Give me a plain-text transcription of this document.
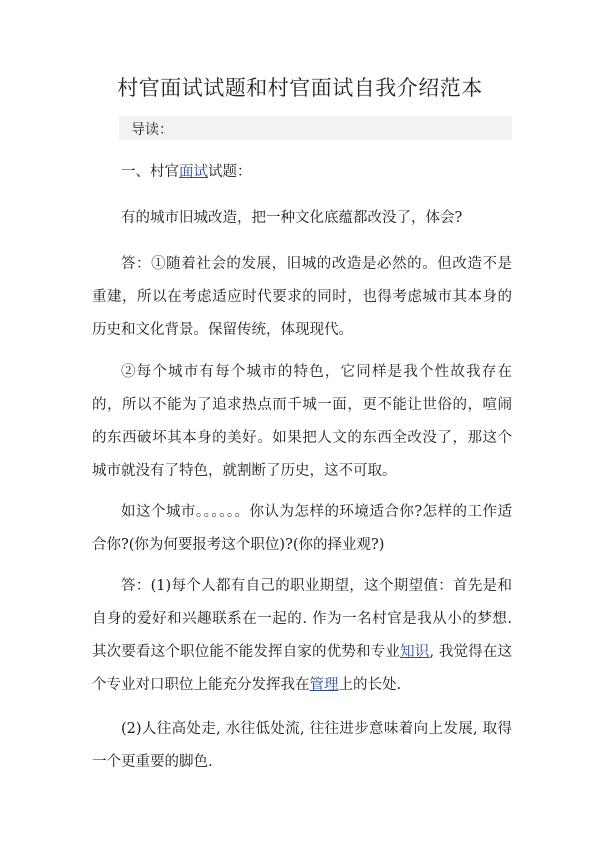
村官面试试题和村官面试自我介绍范本
导读：
一、村官面试试题：
有的城市旧城改造，把一种文化底蕴都改没了，体会?
答：①随着社会的发展，旧城的改造是必然的。但改造不是重建，所以在考虑适应时代要求的同时，也得考虑城市其本身的历史和文化背景。保留传统，体现现代。
②每个城市有每个城市的特色，它同样是我个性故我存在的，所以不能为了追求热点而千城一面，更不能让世俗的，喧闹的东西破坏其本身的美好。如果把人文的东西全改没了，那这个城市就没有了特色，就割断了历史，这不可取。
如这个城市。。。。。。你认为怎样的环境适合你?怎样的工作适合你?(你为何要报考这个职位)?(你的择业观?)
答：(1)每个人都有自己的职业期望，这个期望值：首先是和自身的爱好和兴趣联系在一起的. 作为一名村官是我从小的梦想. 其次要看这个职位能不能发挥自家的优势和专业知识, 我觉得在这个专业对口职位上能充分发挥我在管理上的长处.
(2)人往高处走, 水往低处流, 往往进步意味着向上发展, 取得一个更重要的脚色.
